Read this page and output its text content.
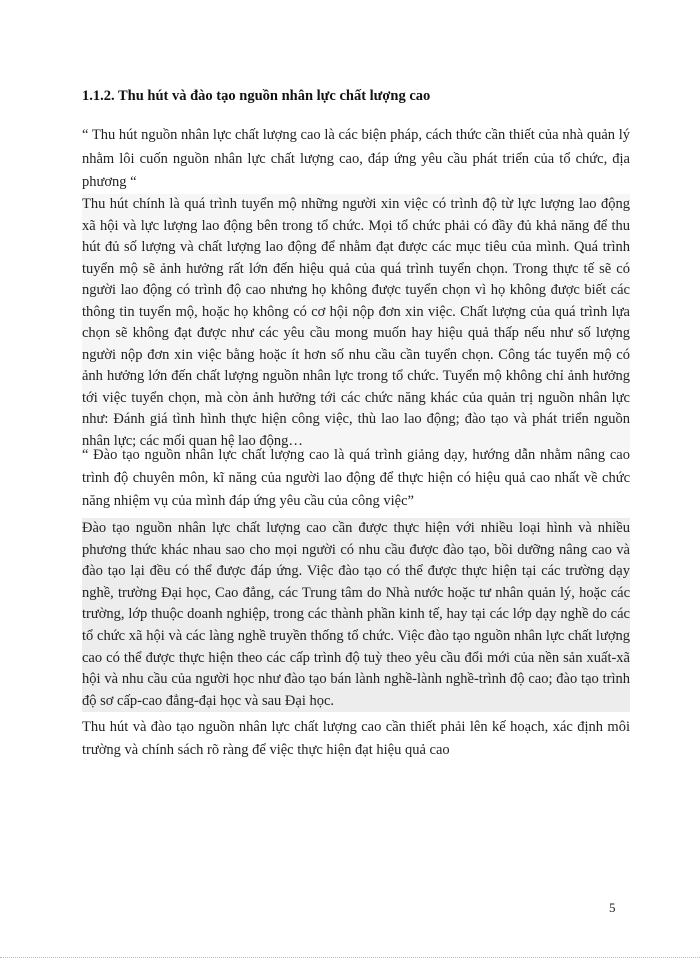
1.1.2. Thu hút và đào tạo nguồn nhân lực chất lượng cao

“ Thu hút nguồn nhân lực chất lượng cao là các biện pháp, cách thức cần thiết của nhà quản lý nhằm lôi cuốn nguồn nhân lực chất lượng cao, đáp ứng yêu cầu phát triển của tổ chức, địa phương “

Thu hút chính là quá trình tuyển mộ những người xin việc có trình độ từ lực lượng lao động xã hội và lực lượng lao động bên trong tổ chức. Mọi tổ chức phải có đầy đủ khả năng để thu hút đủ số lượng và chất lượng lao động để nhằm đạt được các mục tiêu của mình. Quá trình tuyển mộ sẽ ảnh hưởng rất lớn đến hiệu quả của quá trình tuyển chọn. Trong thực tế sẽ có người lao động có trình độ cao nhưng họ không được tuyển chọn vì họ không được biết các thông tin tuyển mộ, hoặc họ không có cơ hội nộp đơn xin việc. Chất lượng của quá trình lựa chọn sẽ không đạt được như các yêu cầu mong muốn hay hiệu quả thấp nếu như số lượng người nộp đơn xin việc bằng hoặc ít hơn số nhu cầu cần tuyển chọn. Công tác tuyển mộ có ảnh hưởng lớn đến chất lượng nguồn nhân lực trong tổ chức. Tuyển mộ không chỉ ảnh hưởng tới việc tuyển chọn, mà còn ảnh hưởng tới các chức năng khác của quản trị nguồn nhân lực như: Đánh giá tình hình thực hiện công việc, thù lao lao động; đào tạo và phát triển nguồn nhân lực; các mối quan hệ lao động…

“ Đào tạo nguồn nhân lực chất lượng cao là quá trình giảng dạy, hướng dẫn nhằm nâng cao trình độ chuyên môn, kĩ năng của người lao động để thực hiện có hiệu quả cao nhất về chức năng nhiệm vụ của mình đáp ứng yêu cầu của công việc”

Đào tạo nguồn nhân lực chất lượng cao cần được thực hiện với nhiều loại hình và nhiều phương thức khác nhau sao cho mọi người có nhu cầu được đào tạo, bồi dưỡng nâng cao và đào tạo lại đều có thể được đáp ứng. Việc đào tạo có thể được thực hiện tại các trường dạy nghề, trường Đại học, Cao đẳng, các Trung tâm do Nhà nước hoặc tư nhân quản lý, hoặc các trường, lớp thuộc doanh nghiệp, trong các thành phần kinh tế, hay tại các lớp dạy nghề do các tổ chức xã hội và các làng nghề truyền thống tổ chức. Việc đào tạo nguồn nhân lực chất lượng cao có thể được thực hiện theo các cấp trình độ tuỳ theo yêu cầu đổi mới của nền sản xuất-xã hội và nhu cầu của người học như đào tạo bán lành nghề-lành nghề-trình độ cao; đào tạo trình độ sơ cấp-cao đẳng-đại học và sau Đại học.

Thu hút và đào tạo nguồn nhân lực chất lượng cao cần thiết phải lên kế hoạch, xác định môi trường và chính sách rõ ràng để việc thực hiện đạt hiệu quả cao

5
